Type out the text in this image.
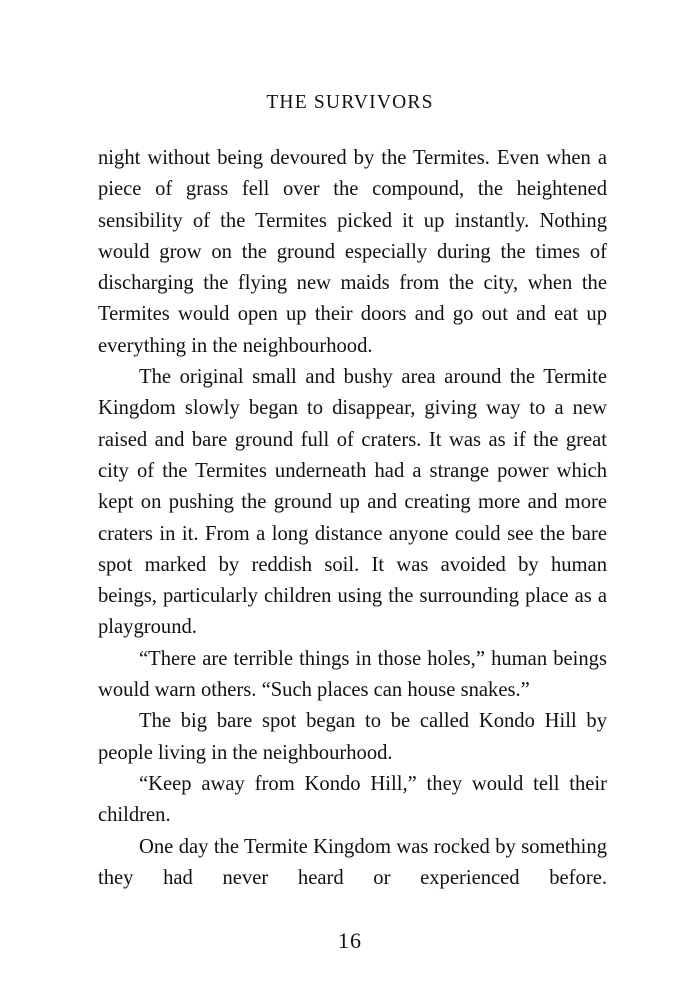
THE SURVIVORS

night without being devoured by the Termites. Even when a piece of grass fell over the compound, the heightened sensibility of the Termites picked it up instantly. Nothing would grow on the ground especially during the times of discharging the flying new maids from the city, when the Termites would open up their doors and go out and eat up everything in the neighbourhood.

The original small and bushy area around the Termite Kingdom slowly began to disappear, giving way to a new raised and bare ground full of craters. It was as if the great city of the Termites underneath had a strange power which kept on pushing the ground up and creating more and more craters in it. From a long distance anyone could see the bare spot marked by reddish soil. It was avoided by human beings, particularly children using the surrounding place as a playground.

“There are terrible things in those holes,” human beings would warn others. “Such places can house snakes.”

The big bare spot began to be called Kondo Hill by people living in the neighbourhood.

“Keep away from Kondo Hill,” they would tell their children.

One day the Termite Kingdom was rocked by something they had never heard or experienced before.

16
